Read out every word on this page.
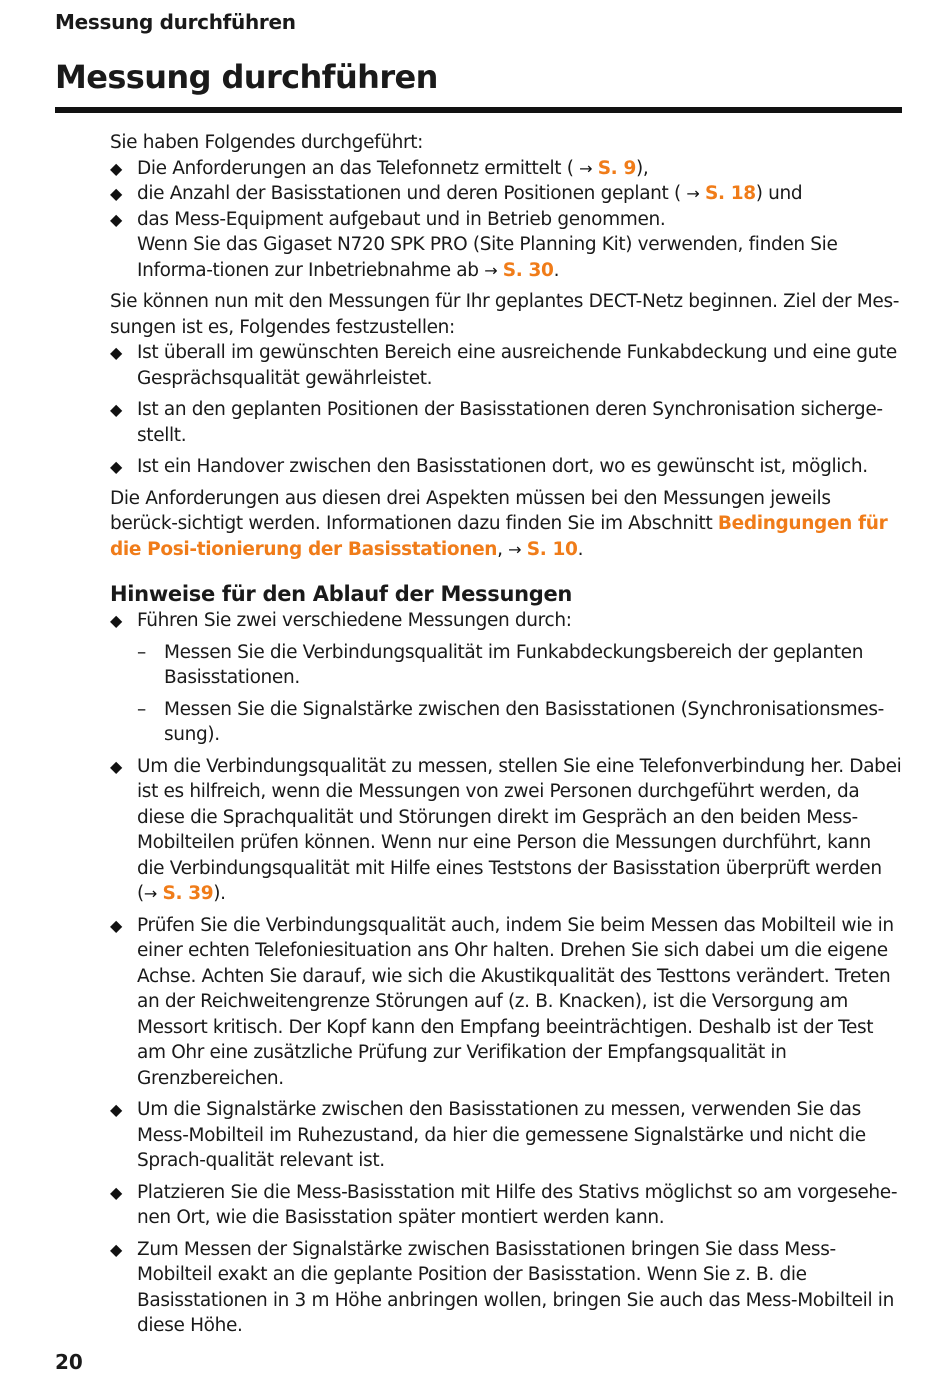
Messung durchführen
Messung durchführen

Sie haben Folgendes durchgeführt:

◆ Die Anforderungen an das Telefonnetz ermittelt ( → S. 9),
◆ die Anzahl der Basisstationen und deren Positionen geplant ( → S. 18) und
◆ das Mess-Equipment aufgebaut und in Betrieb genommen.

Wenn Sie das Gigaset N720 SPK PRO (Site Planning Kit) verwenden, finden Sie Informa-tionen zur Inbetriebnahme ab → S. 30.

Sie können nun mit den Messungen für Ihr geplantes DECT-Netz beginnen. Ziel der Mes-sungen ist es, Folgendes festzustellen:

◆ Ist überall im gewünschten Bereich eine ausreichende Funkabdeckung und eine gute Gesprächsqualität gewährleistet.
◆ Ist an den geplanten Positionen der Basisstationen deren Synchronisation sicherge-stellt.
◆ Ist ein Handover zwischen den Basisstationen dort, wo es gewünscht ist, möglich.

Die Anforderungen aus diesen drei Aspekten müssen bei den Messungen jeweils berück-sichtigt werden. Informationen dazu finden Sie im Abschnitt Bedingungen für die Posi-tionierung der Basisstationen, → S. 10.

Hinweise für den Ablauf der Messungen
◆ Führen Sie zwei verschiedene Messungen durch:
– Messen Sie die Verbindungsqualität im Funkabdeckungsbereich der geplanten Basisstationen.
– Messen Sie die Signalstärke zwischen den Basisstationen (Synchronisationsmes-sung).
◆ Um die Verbindungsqualität zu messen, stellen Sie eine Telefonverbindung her. Dabei ist es hilfreich, wenn die Messungen von zwei Personen durchgeführt werden, da diese die Sprachqualität und Störungen direkt im Gespräch an den beiden Mess-Mobilteilen prüfen können. Wenn nur eine Person die Messungen durchführt, kann die Verbindungsqualität mit Hilfe eines Teststons der Basisstation überprüft werden (→ S. 39).
◆ Prüfen Sie die Verbindungsqualität auch, indem Sie beim Messen das Mobilteil wie in einer echten Telefoniesituation ans Ohr halten. Drehen Sie sich dabei um die eigene Achse. Achten Sie darauf, wie sich die Akustikqualität des Testtons verändert. Treten an der Reichweitengrenze Störungen auf (z. B. Knacken), ist die Versorgung am Messort kritisch. Der Kopf kann den Empfang beeinträchtigen. Deshalb ist der Test am Ohr eine zusätzliche Prüfung zur Verifikation der Empfangsqualität in Grenzbereichen.
◆ Um die Signalstärke zwischen den Basisstationen zu messen, verwenden Sie das Mess-Mobilteil im Ruhezustand, da hier die gemessene Signalstärke und nicht die Sprach-qualität relevant ist.
◆ Platzieren Sie die Mess-Basisstation mit Hilfe des Stativs möglichst so am vorgesehe-nen Ort, wie die Basisstation später montiert werden kann.
◆ Zum Messen der Signalstärke zwischen Basisstationen bringen Sie dass Mess-Mobilteil exakt an die geplante Position der Basisstation. Wenn Sie z. B. die Basisstationen in 3 m Höhe anbringen wollen, bringen Sie auch das Mess-Mobilteil in diese Höhe.
20
